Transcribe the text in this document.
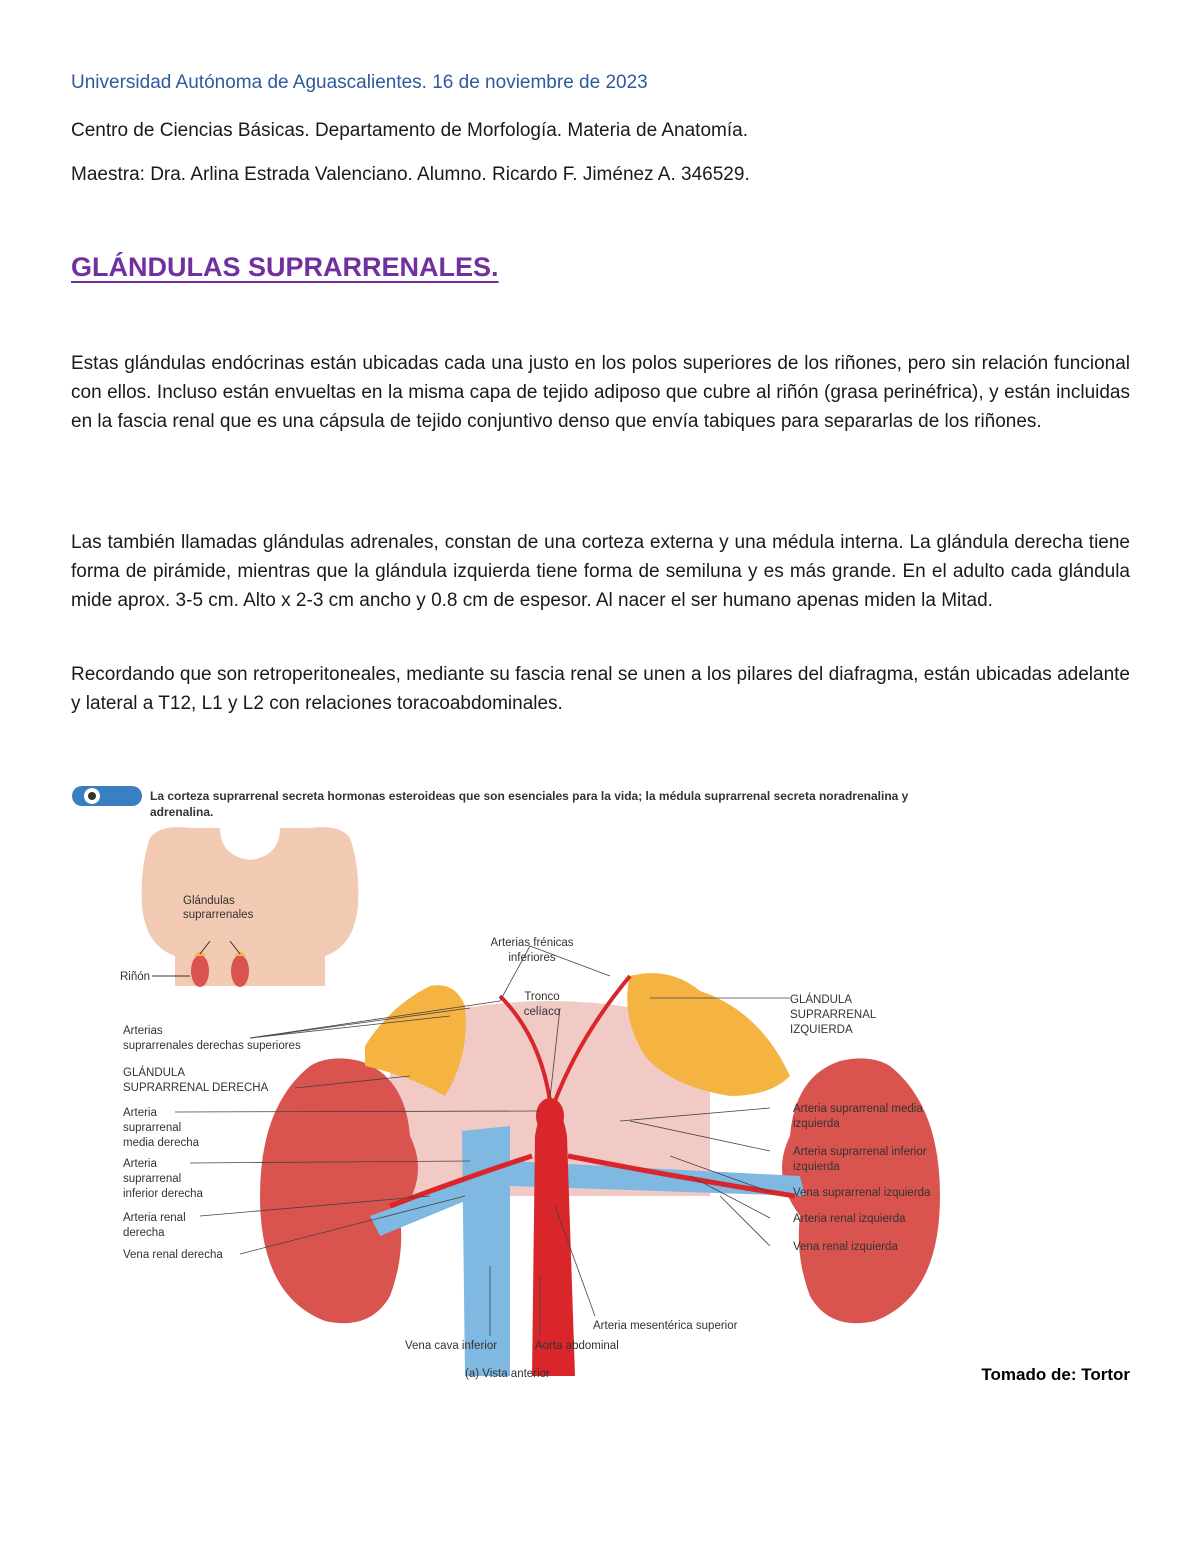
Universidad Autónoma de Aguascalientes. 16 de noviembre de 2023
Centro de Ciencias Básicas. Departamento de Morfología. Materia de Anatomía.
Maestra: Dra. Arlina Estrada Valenciano. Alumno. Ricardo F. Jiménez A. 346529.
GLÁNDULAS SUPRARRENALES.
Estas glándulas endócrinas están ubicadas cada una justo en los polos superiores de los riñones, pero sin relación funcional con ellos. Incluso están envueltas en la misma capa de tejido adiposo que cubre al riñón (grasa perinéfrica), y están incluidas en la fascia renal que es una cápsula de tejido conjuntivo denso que envía tabiques para separarlas de los riñones.
Las también llamadas glándulas adrenales, constan de una corteza externa y una médula interna. La glándula derecha tiene forma de pirámide, mientras que la glándula izquierda tiene forma de semiluna y es más grande. En el adulto cada glándula mide aprox. 3-5 cm. Alto x 2-3 cm ancho y 0.8 cm de espesor. Al nacer el ser humano apenas miden la Mitad.
Recordando que son retroperitoneales, mediante su fascia renal se unen a los pilares del diafragma, están ubicadas adelante y lateral a T12, L1 y L2 con relaciones toracoabdominales.
La corteza suprarrenal secreta hormonas esteroideas que son esenciales para la vida; la médula suprarrenal secreta noradrenalina y
adrenalina.
Glándulas
suprarrenales
Riñón
Arterias
suprarrenales derechas superiores
GLÁNDULA
SUPRARRENAL DERECHA
Arteria
suprarrenal
media derecha
Arteria
suprarrenal
inferior derecha
Arteria renal
derecha
Vena renal derecha
Arterias frénicas
inferiores
Tronco
celíaco
GLÁNDULA
SUPRARRENAL
IZQUIERDA
Arteria suprarrenal media
izquierda
Arteria suprarrenal inferior
izquierda
Vena suprarrenal izquierda
Arteria renal izquierda
Vena renal izquierda
Vena cava inferior	Aorta abdominal
Arteria mesentérica superior
(a) Vista anterior	Tomado de: Tortor
